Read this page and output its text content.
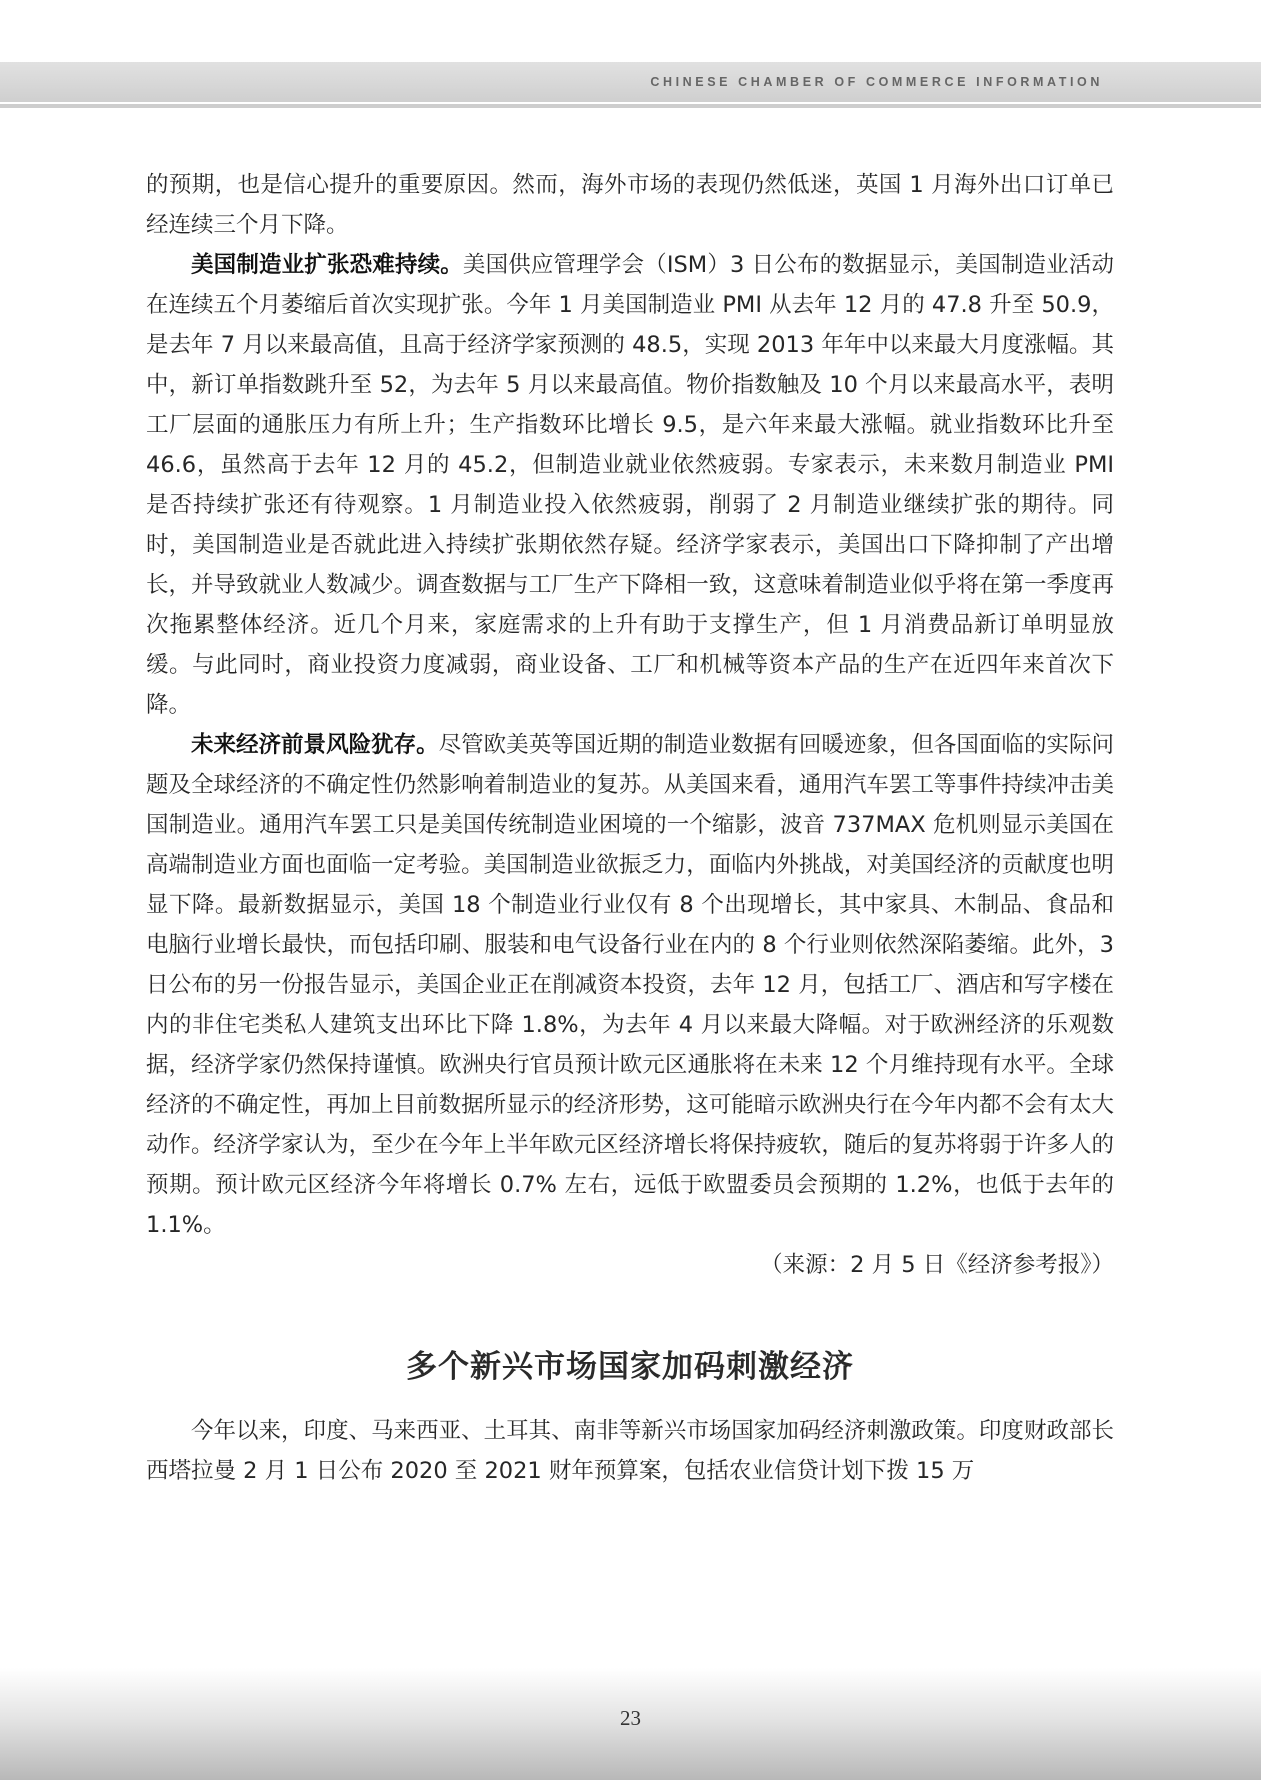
CHINESE CHAMBER OF COMMERCE INFORMATION

的预期，也是信心提升的重要原因。然而，海外市场的表现仍然低迷，英国 1 月海外出口订单已经连续三个月下降。

美国制造业扩张恐难持续。美国供应管理学会（ISM）3 日公布的数据显示，美国制造业活动在连续五个月萎缩后首次实现扩张。今年 1 月美国制造业 PMI 从去年 12 月的 47.8 升至 50.9，是去年 7 月以来最高值，且高于经济学家预测的 48.5，实现 2013 年年中以来最大月度涨幅。其中，新订单指数跳升至 52，为去年 5 月以来最高值。物价指数触及 10 个月以来最高水平，表明工厂层面的通胀压力有所上升；生产指数环比增长 9.5，是六年来最大涨幅。就业指数环比升至 46.6，虽然高于去年 12 月的 45.2，但制造业就业依然疲弱。专家表示，未来数月制造业 PMI 是否持续扩张还有待观察。1 月制造业投入依然疲弱，削弱了 2 月制造业继续扩张的期待。同时，美国制造业是否就此进入持续扩张期依然存疑。经济学家表示，美国出口下降抑制了产出增长，并导致就业人数减少。调查数据与工厂生产下降相一致，这意味着制造业似乎将在第一季度再次拖累整体经济。近几个月来，家庭需求的上升有助于支撑生产，但 1 月消费品新订单明显放缓。与此同时，商业投资力度减弱，商业设备、工厂和机械等资本产品的生产在近四年来首次下降。

未来经济前景风险犹存。尽管欧美英等国近期的制造业数据有回暖迹象，但各国面临的实际问题及全球经济的不确定性仍然影响着制造业的复苏。从美国来看，通用汽车罢工等事件持续冲击美国制造业。通用汽车罢工只是美国传统制造业困境的一个缩影，波音 737MAX 危机则显示美国在高端制造业方面也面临一定考验。美国制造业欲振乏力，面临内外挑战，对美国经济的贡献度也明显下降。最新数据显示，美国 18 个制造业行业仅有 8 个出现增长，其中家具、木制品、食品和电脑行业增长最快，而包括印刷、服装和电气设备行业在内的 8 个行业则依然深陷萎缩。此外，3 日公布的另一份报告显示，美国企业正在削减资本投资，去年 12 月，包括工厂、酒店和写字楼在内的非住宅类私人建筑支出环比下降 1.8%，为去年 4 月以来最大降幅。对于欧洲经济的乐观数据，经济学家仍然保持谨慎。欧洲央行官员预计欧元区通胀将在未来 12 个月维持现有水平。全球经济的不确定性，再加上目前数据所显示的经济形势，这可能暗示欧洲央行在今年内都不会有太大动作。经济学家认为，至少在今年上半年欧元区经济增长将保持疲软，随后的复苏将弱于许多人的预期。预计欧元区经济今年将增长 0.7% 左右，远低于欧盟委员会预期的 1.2%，也低于去年的 1.1%。

（来源：2 月 5 日《经济参考报》）

多个新兴市场国家加码刺激经济

今年以来，印度、马来西亚、土耳其、南非等新兴市场国家加码经济刺激政策。印度财政部长西塔拉曼 2 月 1 日公布 2020 至 2021 财年预算案，包括农业信贷计划下拨 15 万

23
